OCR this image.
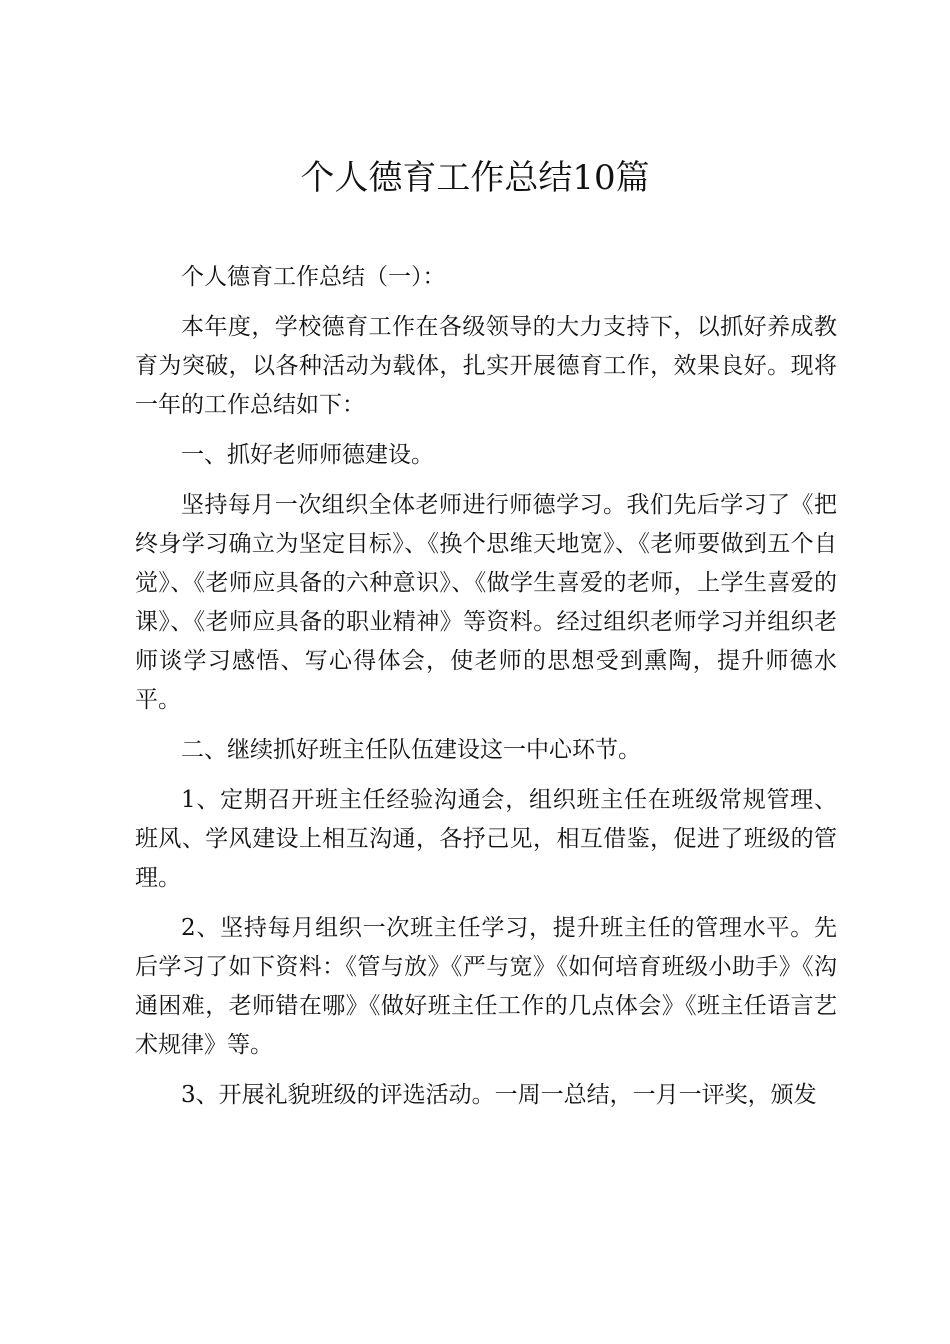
个人德育工作总结10篇

个人德育工作总结（一）：

本年度，学校德育工作在各级领导的大力支持下，以抓好养成教育为突破，以各种活动为载体，扎实开展德育工作，效果良好。现将一年的工作总结如下：

一、抓好老师师德建设。

坚持每月一次组织全体老师进行师德学习。我们先后学习了《把终身学习确立为坚定目标》、《换个思维天地宽》、《老师要做到五个自觉》、《老师应具备的六种意识》、《做学生喜爱的老师，上学生喜爱的课》、《老师应具备的职业精神》等资料。经过组织老师学习并组织老师谈学习感悟、写心得体会，使老师的思想受到熏陶，提升师德水平。

二、继续抓好班主任队伍建设这一中心环节。

1、定期召开班主任经验沟通会，组织班主任在班级常规管理、班风、学风建设上相互沟通，各抒己见，相互借鉴，促进了班级的管理。

2、坚持每月组织一次班主任学习，提升班主任的管理水平。先后学习了如下资料：《管与放》《严与宽》《如何培育班级小助手》《沟通困难，老师错在哪》《做好班主任工作的几点体会》《班主任语言艺术规律》等。

3、开展礼貌班级的评选活动。一周一总结，一月一评奖，颁发
